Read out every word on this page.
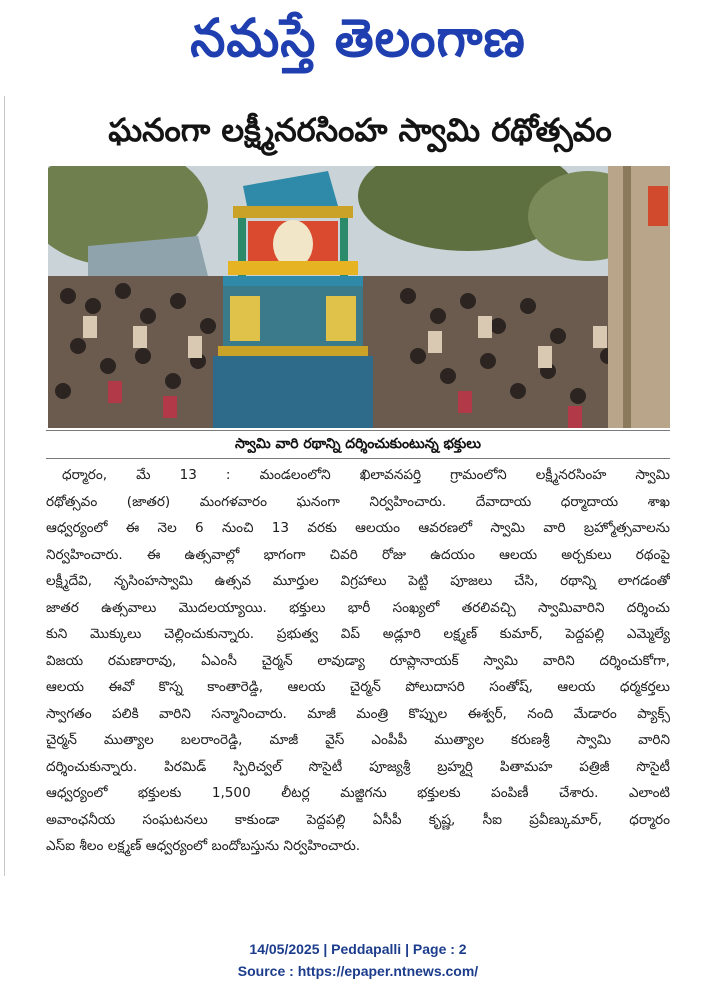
నమస్తే తెలంగాణ
ఘనంగా లక్ష్మీనరసింహ స్వామి రథోత్సవం
స్వామి వారి రథాన్ని దర్శించుకుంటున్న భక్తులు
ధర్మారం, మే 13 : మండలంలోని ఖిలావనపర్తి గ్రామంలోని లక్ష్మీనరసింహ స్వామి
రథోత్సవం (జాతర) మంగళవారం ఘనంగా నిర్వహించారు. దేవాదాయ ధర్మాదాయ శాఖ
ఆధ్వర్యంలో ఈ నెల 6 నుంచి 13 వరకు ఆలయం ఆవరణలో స్వామి వారి బ్రహ్మోత్సవాలను
నిర్వహించారు. ఈ ఉత్సవాల్లో భాగంగా చివరి రోజు ఉదయం ఆలయ అర్చకులు రథంపై
లక్ష్మీదేవి, నృసింహస్వామి ఉత్సవ మూర్తుల విగ్రహాలు పెట్టి పూజలు చేసి, రథాన్ని లాగడంతో
జాతర ఉత్సవాలు మొదలయ్యాయి. భక్తులు భారీ సంఖ్యలో తరలివచ్చి స్వామివారిని దర్శించు
కుని మొక్కులు చెల్లించుకున్నారు. ప్రభుత్వ విప్ అడ్లూరి లక్ష్మణ్ కుమార్, పెద్దపల్లి ఎమ్మెల్యే
విజయ రమణారావు, ఏఎంసీ చైర్మన్ లావుడ్యా రూప్లానాయక్ స్వామి వారిని దర్శించుకోగా,
ఆలయ ఈవో కొస్న కాంతారెడ్డి, ఆలయ చైర్మన్ పోలుదాసరి సంతోష్, ఆలయ ధర్మకర్తలు
స్వాగతం పలికి వారిని సన్మానించారు. మాజీ మంత్రి కొప్పుల ఈశ్వర్, నంది మేడారం ప్యాక్స్
చైర్మన్ ముత్యాల బలరాంరెడ్డి, మాజీ వైస్ ఎంపీపీ ముత్యాల కరుణశ్రీ స్వామి వారిని
దర్శించుకున్నారు. పిరమిడ్ స్పిరిచ్వల్ సొసైటీ పూజ్యశ్రీ బ్రహ్మర్షి పితామహ పత్రిజీ సొసైటీ
ఆధ్వర్యంలో భక్తులకు 1,500 లీటర్ల మజ్జిగను భక్తులకు పంపిణీ చేశారు. ఎలాంటి
అవాంఛనీయ సంఘటనలు కాకుండా పెద్దపల్లి ఏసీపీ కృష్ణ, సీఐ ప్రవీణ్కుమార్, ధర్మారం
ఎస్ఐ శీలం లక్ష్మణ్ ఆధ్వర్యంలో బందోబస్తును నిర్వహించారు.
14/05/2025 | Peddapalli | Page : 2
Source : https://epaper.ntnews.com/
